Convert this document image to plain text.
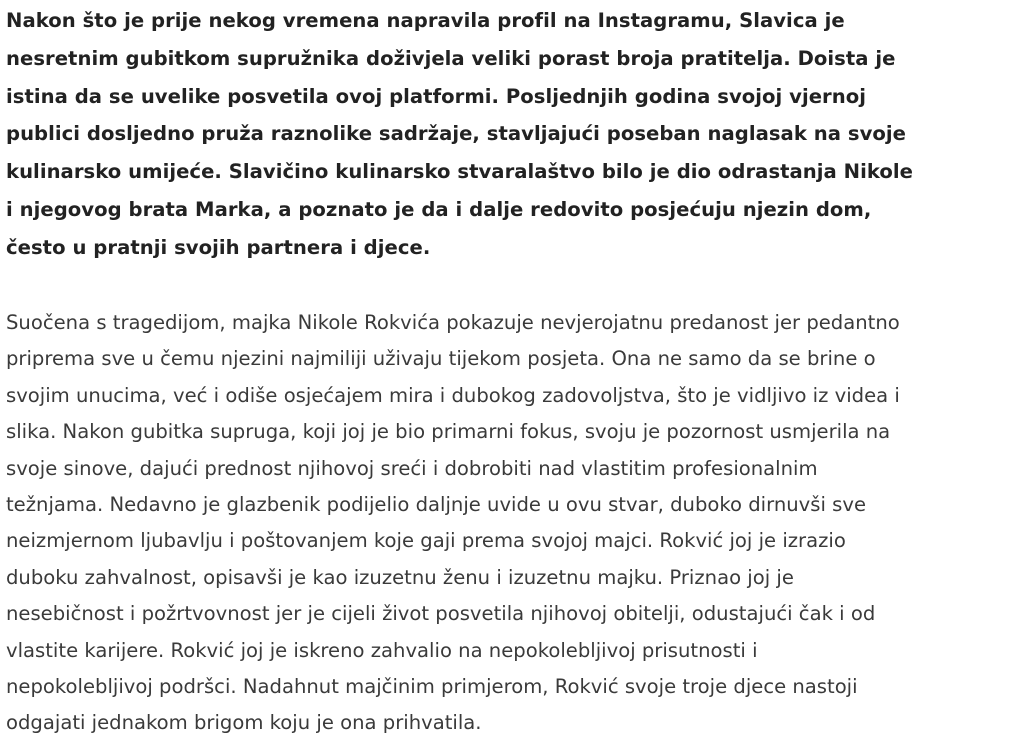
Nakon što je prije nekog vremena napravila profil na Instagramu, Slavica je
nesretnim gubitkom supružnika doživjela veliki porast broja pratitelja. Doista je
istina da se uvelike posvetila ovoj platformi. Posljednjih godina svojoj vjernoj
publici dosljedno pruža raznolike sadržaje, stavljajući poseban naglasak na svoje
kulinarsko umijeće. Slavičino kulinarsko stvaralaštvo bilo je dio odrastanja Nikole
i njegovog brata Marka, a poznato je da i dalje redovito posjećuju njezin dom,
često u pratnji svojih partnera i djece.

Suočena s tragedijom, majka Nikole Rokvića pokazuje nevjerojatnu predanost jer pedantno
priprema sve u čemu njezini najmiliji uživaju tijekom posjeta. Ona ne samo da se brine o
svojim unucima, već i odiše osjećajem mira i dubokog zadovoljstva, što je vidljivo iz videa i
slika. Nakon gubitka supruga, koji joj je bio primarni fokus, svoju je pozornost usmjerila na
svoje sinove, dajući prednost njihovoj sreći i dobrobiti nad vlastitim profesionalnim
težnjama. Nedavno je glazbenik podijelio daljnje uvide u ovu stvar, duboko dirnuvši sve
neizmjernom ljubavlju i poštovanjem koje gaji prema svojoj majci. Rokvić joj je izrazio
duboku zahvalnost, opisavši je kao izuzetnu ženu i izuzetnu majku. Priznao joj je
nesebičnost i požrtvovnost jer je cijeli život posvetila njihovoj obitelji, odustajući čak i od
vlastite karijere. Rokvić joj je iskreno zahvalio na nepokolebljivoj prisutnosti i
nepokolebljivoj podršci. Nadahnut majčinim primjerom, Rokvić svoje troje djece nastoji
odgajati jednakom brigom koju je ona prihvatila.
